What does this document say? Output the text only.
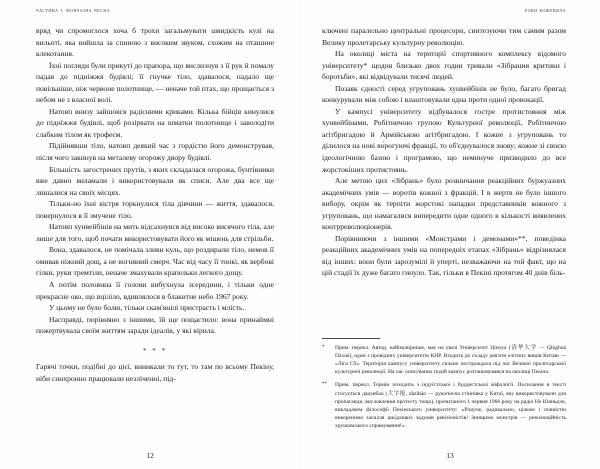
частина i. мовчазна весна

вряд чи спромоглося хоча б трохи загальмувати швидкість кулі на вильоті, яка вийшла за спиною з високим звуком, схожим на пташине клекотання.

Їхні погляди були прикуті до прапора, що вислизнув з її рук й помалу падав до підніжжя будівлі; її гнучке тіло, здавалося, падало ще повільніше, ніж червоне полотнище, — неначе той птах, що прощається з небом не з власної волі.

Натовп внизу зайшовся радісними криками. Кілька бійців кинулися до підніжжя будівлі, щоб розірвати на шматки полотнище і заволодіти слабким тілом як трофеєм.

Підійнявши тіло, натовп деякий час з гордістю його демонстрував, після чого закинув на металеву огорожу двору будівлі.

Більшість загострених прутів, з яких складалася огорожа, бунтівники вже давно виламали і використовували як списи. Але два все ще лишалися на своїх місцях.

Тільки-но їхні вістря торкнулися тіла дівчини — життя, здавалося, повернулося в її змучене тіло.

Натовп хунвейбінів на мить відсахнувся від високо висячого тіла, але лише для того, щоб почати використовувати його як мішень для стрільби.

Вона, здавалося, не помічала зливи куль, що роздирали тіло, немов її омивав ніжний дощ, а не вогняний смерч. Час від часу її тонкі, як вербові гілки, руки тремтіли, неначе змахували крапельки легкого дощу.

А потім половина її голови вибухнула зсередини, і тільки одне прекрасне око, що вціліло, вдивлялося в блакитне небо 1967 року.

У цьому не було болю, тільки скам'янілі пристрасть і млість.

Насправді, порівняно з іншими, їй ще пощастило: вона принаймні пожертвувала своїм життям заради ідеалів, у які вірила.

* * *

Гарячі точки, подібні до цієї, виникали то тут, то там по всьому Пекіну, ніби синхронно працювали незліченні, під-

12
роки кожевила

ключені паралельно центральні процесори, синтезуючи тим самим разом Велику пролетарську культурну революцію.

На околиці міста на території спортивного комплексу відомого університету* щодня близько двох годин тривали «Зібрання критики і боротьби», які відвідували тисячі людей.

Позаяк єдності серед угруповань хунвейбінів не було, багато бригад конкурували між собою і влаштовували одна проти одної провокації.

У кампусі університету відбувалося гостре протистояння між хунвейбінами, Робітничою групою Культурної революції, Робітничою агітбригадою й Армійською агітбригадою. І кожне з угруповань то ділилося на нові во́рогуючі фракції, то об'єднувалося знову; кожне зі своєю ідеологічною базою і програмою, що неминуче призводило до все жорстокіших протистоянь.

Але метою цих «Зібрань» було розвінчання реакційних буржуазних академічних умів — воротів кожної з фракцій. І в жертв не було іншого вибору, окрім як терпіти жорстокі нападки представників кожного з угруповань, що намагалися випередити одне одного в кількості виявлених контрреволюціонерів.

Порівнюючи з іншими «Монстрами і демонами»**, поведінка реакційних академічних умів на попередніх етапах «Зібрань» відрізнялася від інших: вони були зарозумілі й уперті, незважаючи на той факт, що на цій стадії їх дуже багато гинуло. Так, тільки в Пекіні протягом 40 днів біль-

*	Прим. перекл. Автор, найімовірніше, має на увазі Університет Цінхуа (清华大学 — Qīnghuá Dàxué), один з провідних університетів КНР. Входить до складу дев'яти елітних вишів Китаю — «Ліга С9». Територія кампусу університету сильно постраждала під час Великої пролетарської культурної революції. На час описуваних подій кампус розташовувався на околиці Пекіна.
**	Прим. перекл. Термін походить з індуїстської і буддистської міфології. Посилання в тексті стосується дацзибао (大字报, dàzìbào — рукописна стіннівка у Китаї, яку використовували для пропаганди, висловлення протесту тощо), прочитаного 1 червня 1966 року на радіо Не Юаньцзи, викладачем філософії Пекінського університету: «Рішуче, радикально, цілком і повністю викоренимо засилля шкідливих задумів ревізіоністів! Знищимо монстрів — революційність хрущовського спрямування!».
13
